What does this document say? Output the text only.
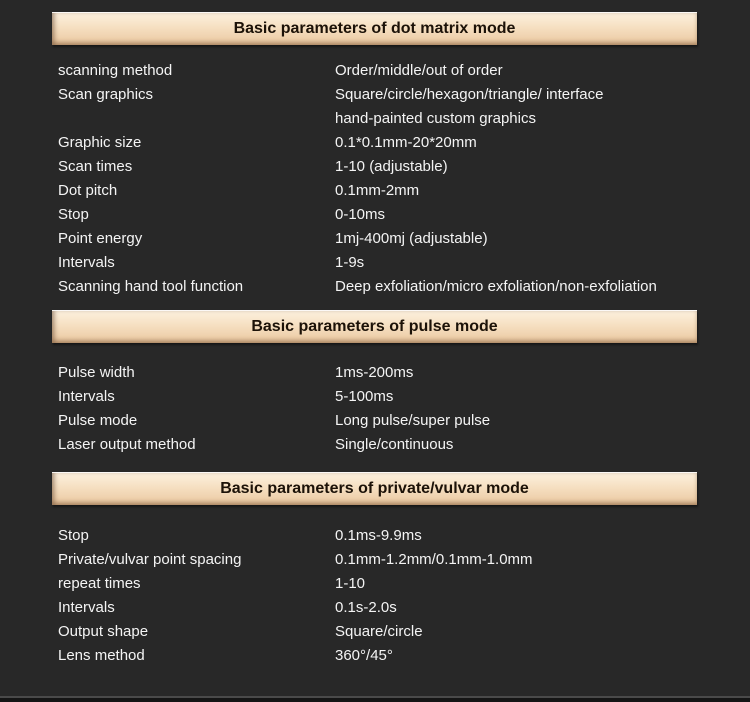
Basic parameters of dot matrix mode
scanning method	Order/middle/out of order
Scan graphics	Square/circle/hexagon/triangle/ interface
hand-painted custom graphics
Graphic size	0.1*0.1mm-20*20mm
Scan times	1-10 (adjustable)
Dot pitch	0.1mm-2mm
Stop	0-10ms
Point energy	1mj-400mj (adjustable)
Intervals	1-9s
Scanning hand tool function	Deep exfoliation/micro exfoliation/non-exfoliation
Basic parameters of pulse mode
Pulse width	1ms-200ms
Intervals	5-100ms
Pulse mode	Long pulse/super pulse
Laser output method	Single/continuous
Basic parameters of private/vulvar mode
Stop	0.1ms-9.9ms
Private/vulvar point spacing	0.1mm-1.2mm/0.1mm-1.0mm
repeat times	1-10
Intervals	0.1s-2.0s
Output shape	Square/circle
Lens method	360°/45°
